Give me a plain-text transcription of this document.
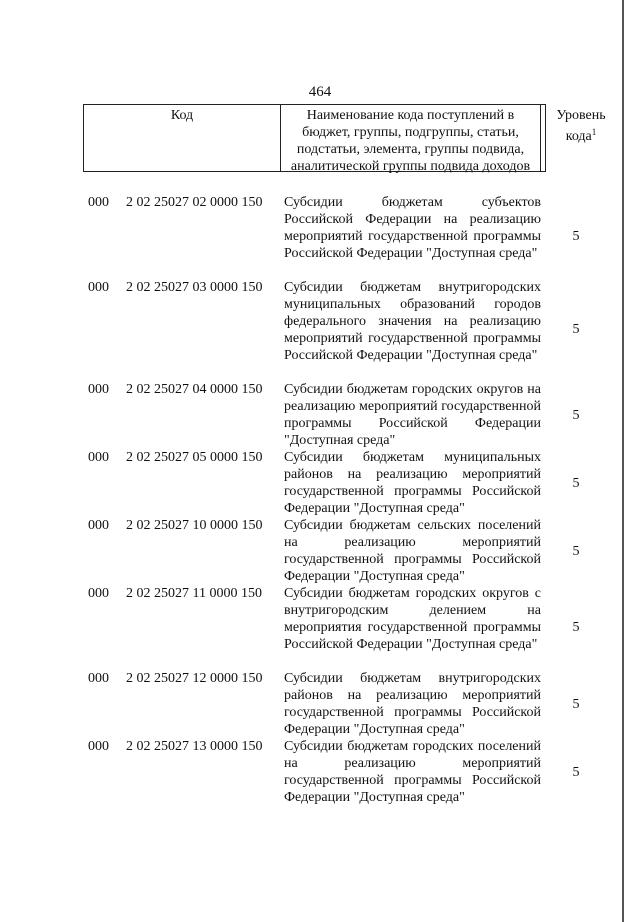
464
Код	Наименование кода поступлений в бюджет, группы, подгруппы, статьи, подстатьи, элемента, группы подвида, аналитической группы подвида доходов
Уровень кода$^1$
000 2 02 25027 02 0000 150 Субсидии бюджетам субъектов Российской Федерации на реализацию мероприятий государственной программы Российской Федерации "Доступная среда"
5
000 2 02 25027 03 0000 150 Субсидии бюджетам внутригородских муниципальных образований городов федерального значения на реализацию мероприятий государственной программы Российской Федерации "Доступная среда"
5
000 2 02 25027 04 0000 150 Субсидии бюджетам городских округов на реализацию мероприятий государственной программы Российской Федерации "Доступная среда"
5
000 2 02 25027 05 0000 150 Субсидии бюджетам муниципальных районов на реализацию мероприятий государственной программы Российской Федерации "Доступная среда"
5
000 2 02 25027 10 0000 150 Субсидии бюджетам сельских поселений на реализацию мероприятий государственной программы Российской Федерации "Доступная среда"
5
000 2 02 25027 11 0000 150 Субсидии бюджетам городских округов с внутригородским делением на мероприятия государственной программы Российской Федерации "Доступная среда"
5
000 2 02 25027 12 0000 150 Субсидии бюджетам внутригородских районов на реализацию мероприятий государственной программы Российской Федерации "Доступная среда"
5
000 2 02 25027 13 0000 150 Субсидии бюджетам городских поселений на реализацию мероприятий государственной программы Российской Федерации "Доступная среда"
5
